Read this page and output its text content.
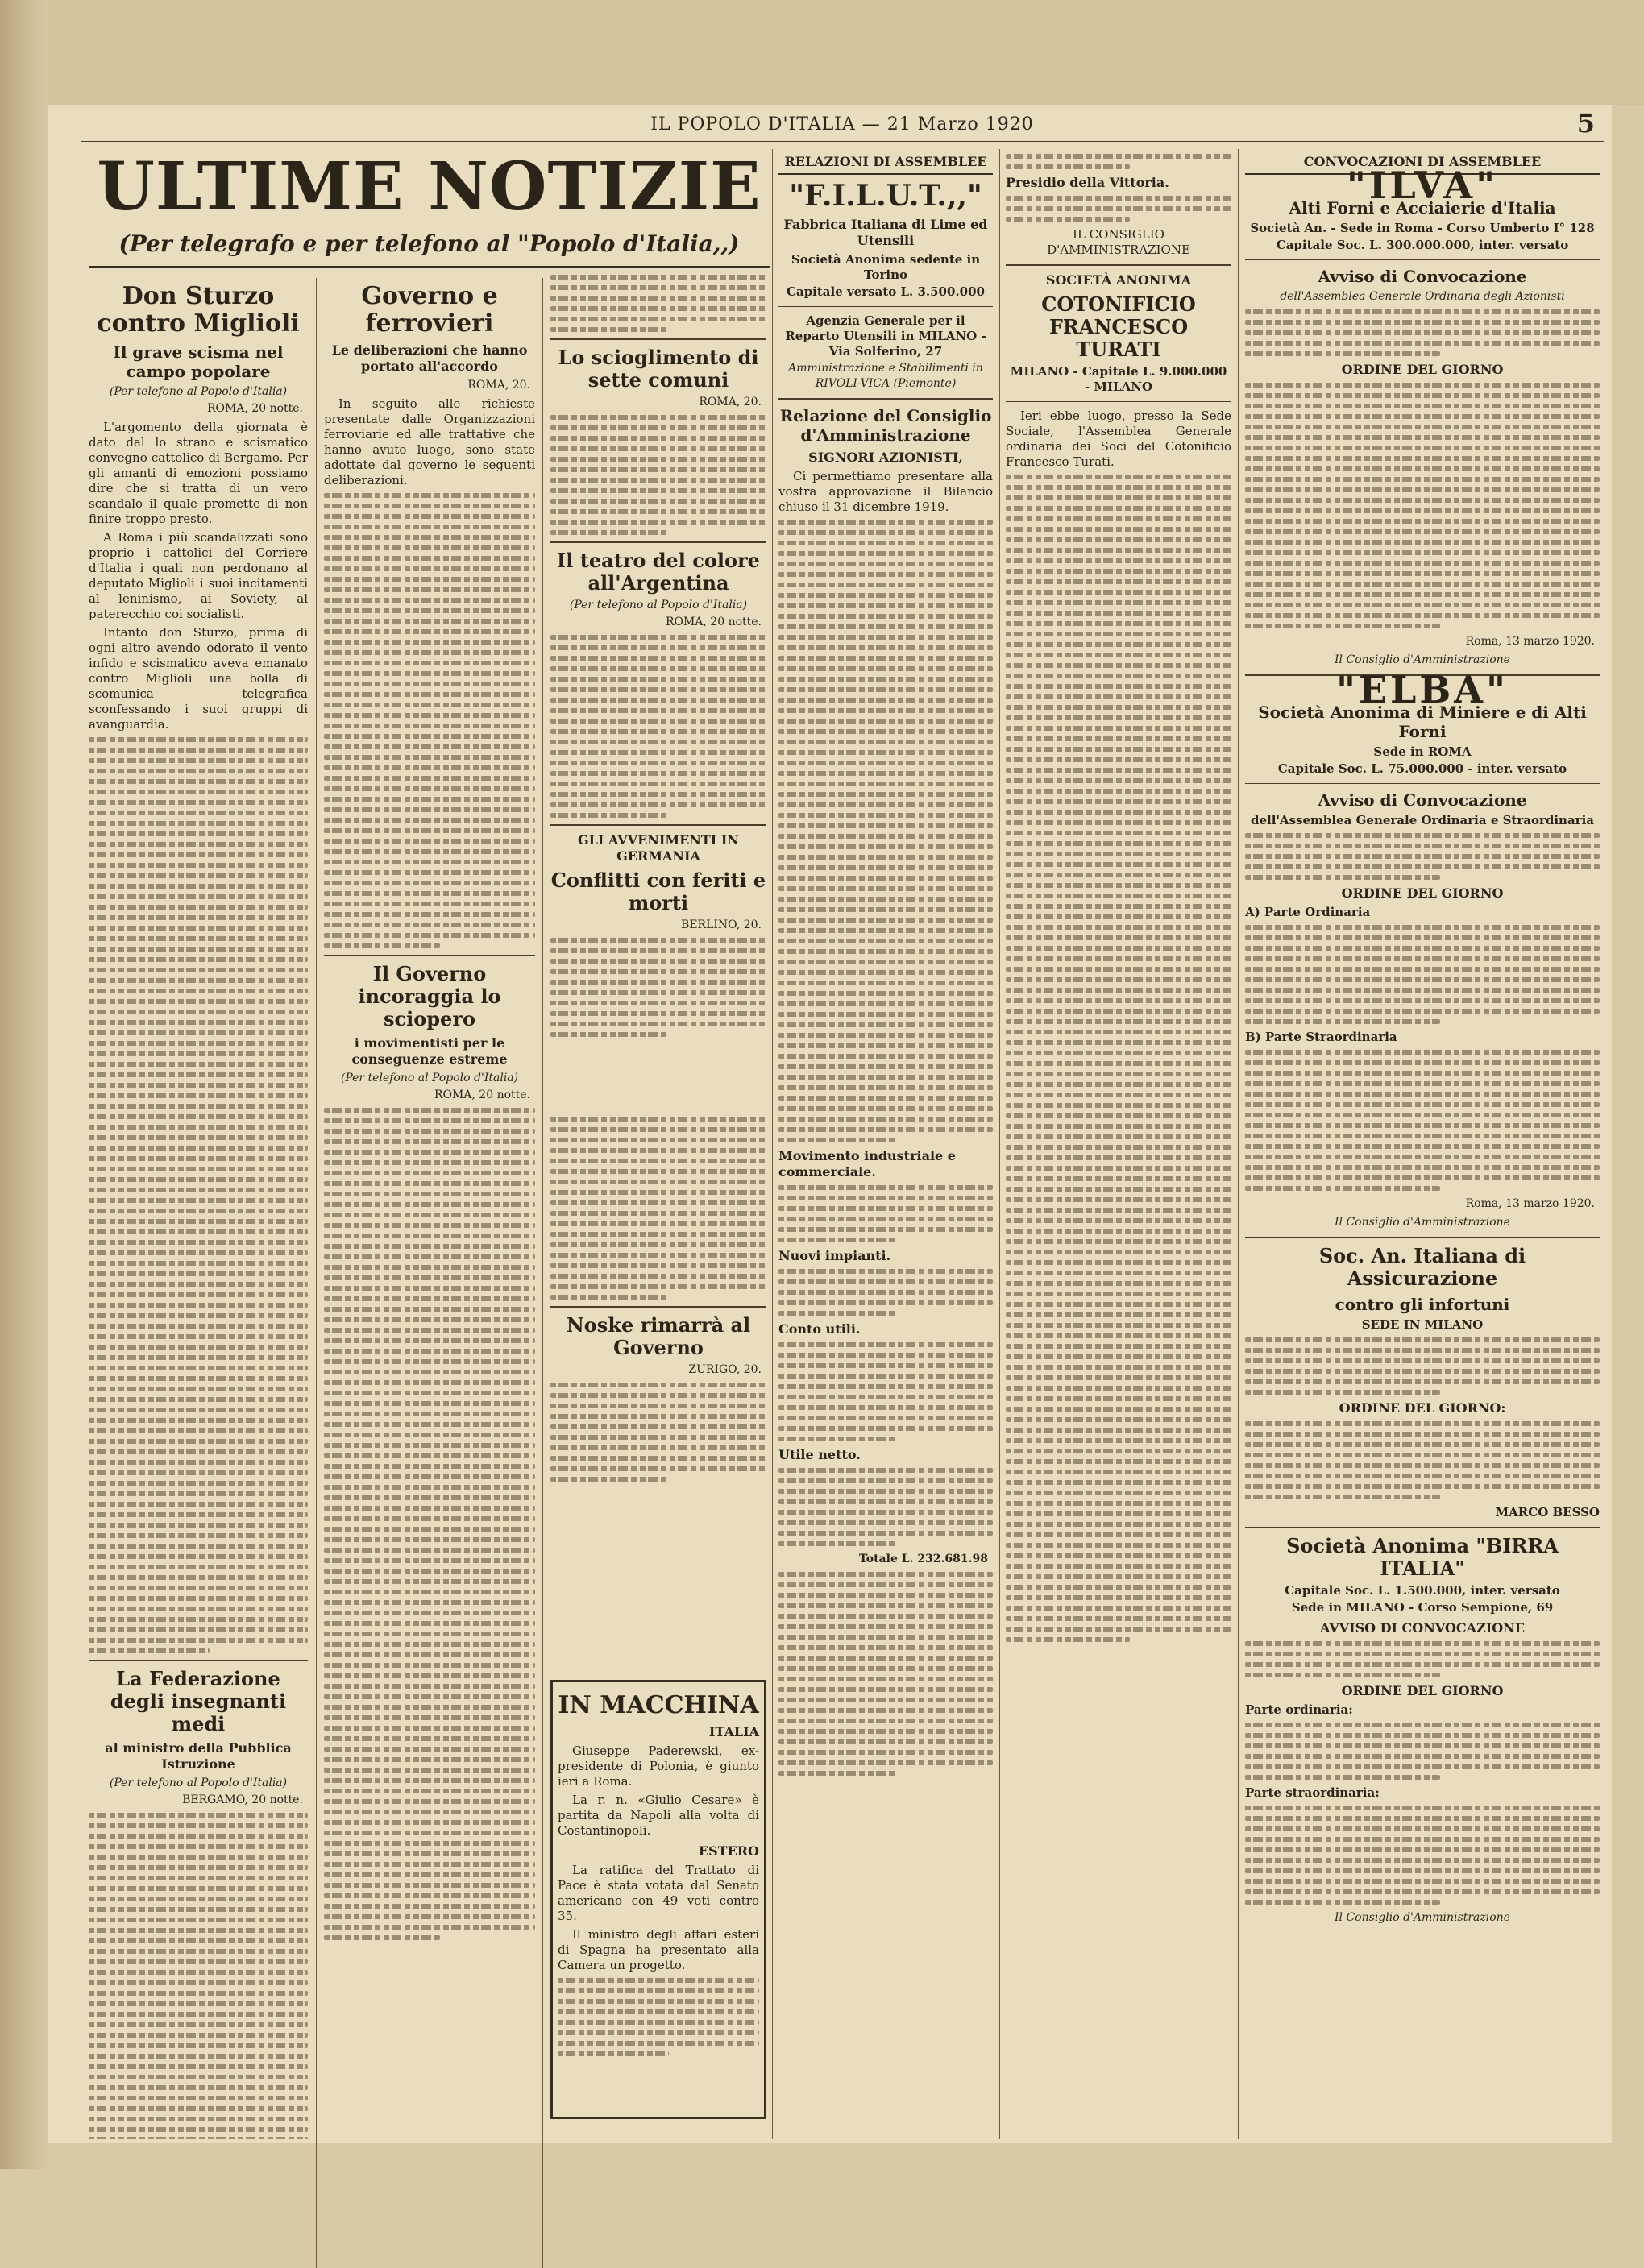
IL POPOLO D'ITALIA — 21 Marzo 1920	5
ULTIME NOTIZIE
(Per telegrafo e per telefono al "Popolo d'Italia,,)
Don Sturzo contro Miglioli
Il grave scisma nel campo popolare
(Per telefono al Popolo d'Italia)
ROMA, 20 notte.

L'argomento della giornata è dato dal lo strano e scismatico convegno cattolico di Bergamo. Per gli amanti di emozioni possiamo dire che si tratta di un vero scandalo il quale promette di non finire troppo presto.

A Roma i più scandalizzati sono proprio i cattolici del Corriere d'Italia i quali non perdonano al deputato Miglioli i suoi incitamenti al leninismo, ai Soviety, al paterecchio coi socialisti.

Intanto don Sturzo, prima di ogni altro avendo odorato il vento infido e scismatico aveva emanato contro Miglioli una bolla di scomunica telegrafica sconfessando i suoi gruppi di avanguardia.

La Federazione degli insegnanti medi
al ministro della Pubblica Istruzione
(Per telefono al Popolo d'Italia)
BERGAMO, 20 notte.
Governo e ferrovieri
Le deliberazioni che hanno portato all'accordo
ROMA, 20.

In seguito alle richieste presentate dalle Organizzazioni ferroviarie ed alle trattative che hanno avuto luogo, sono state adottate dal governo le seguenti deliberazioni.

Il Governo incoraggia lo sciopero
i movimentisti per le conseguenze estreme
(Per telefono al Popolo d'Italia)
ROMA, 20 notte.
Lo scioglimento di sette comuni
ROMA, 20.
Il teatro del colore all'Argentina
(Per telefono al Popolo d'Italia)
ROMA, 20 notte.
GLI AVVENIMENTI IN GERMANIA
Conflitti con feriti e morti
BERLINO, 20.
Noske rimarrà al Governo
ZURIGO, 20.
IN MACCHINA
ITALIA

Giuseppe Paderewski, ex-presidente di Polonia, è giunto ieri a Roma.

La r. n. «Giulio Cesare» è partita da Napoli alla volta di Costantinopoli.

ESTERO

La ratifica del Trattato di Pace è stata votata dal Senato americano con 49 voti contro 35.

Il ministro degli affari esteri di Spagna ha presentato alla Camera un progetto.

RELAZIONI DI ASSEMBLEE
"F.I.L.U.T.,,"
Fabbrica Italiana di Lime ed Utensili
Società Anonima sedente in Torino
Capitale versato L. 3.500.000
Agenzia Generale per il Reparto Utensili in MILANO - Via Solferino, 27
Amministrazione e Stabilimenti in RIVOLI-VICA (Piemonte)
Relazione del Consiglio d'Amministrazione
SIGNORI AZIONISTI,

Ci permettiamo presentare alla vostra approvazione il Bilancio chiuso il 31 dicembre 1919.

Movimento industriale e commerciale.
Nuovi impianti.
Conto utili.
Utile netto.
Totale L. 232.681.98
Presidio della Vittoria.
IL CONSIGLIO D'AMMINISTRAZIONE
SOCIETÀ ANONIMA
COTONIFICIO FRANCESCO TURATI
MILANO - Capitale L. 9.000.000 - MILANO

Ieri ebbe luogo, presso la Sede Sociale, l'Assemblea Generale ordinaria dei Soci del Cotonificio Francesco Turati.

CONVOCAZIONI DI ASSEMBLEE
"ILVA"
Alti Forni e Acciaierie d'Italia
Società An. - Sede in Roma - Corso Umberto I° 128
Capitale Soc. L. 300.000.000, inter. versato
Avviso di Convocazione
dell'Assemblea Generale Ordinaria degli Azionisti
ORDINE DEL GIORNO
Roma, 13 marzo 1920.
Il Consiglio d'Amministrazione
"ELBA"
Società Anonima di Miniere e di Alti Forni
Sede in ROMA
Capitale Soc. L. 75.000.000 - inter. versato
Avviso di Convocazione
dell'Assemblea Generale Ordinaria e Straordinaria
ORDINE DEL GIORNO
A) Parte Ordinaria
B) Parte Straordinaria
Roma, 13 marzo 1920.
Il Consiglio d'Amministrazione
Soc. An. Italiana di Assicurazione
contro gli infortuni
SEDE IN MILANO
ORDINE DEL GIORNO:
MARCO BESSO
Società Anonima "BIRRA ITALIA"
Capitale Soc. L. 1.500.000, inter. versato
Sede in MILANO - Corso Sempione, 69
AVVISO DI CONVOCAZIONE
ORDINE DEL GIORNO
Parte ordinaria:
Parte straordinaria:
Il Consiglio d'Amministrazione
